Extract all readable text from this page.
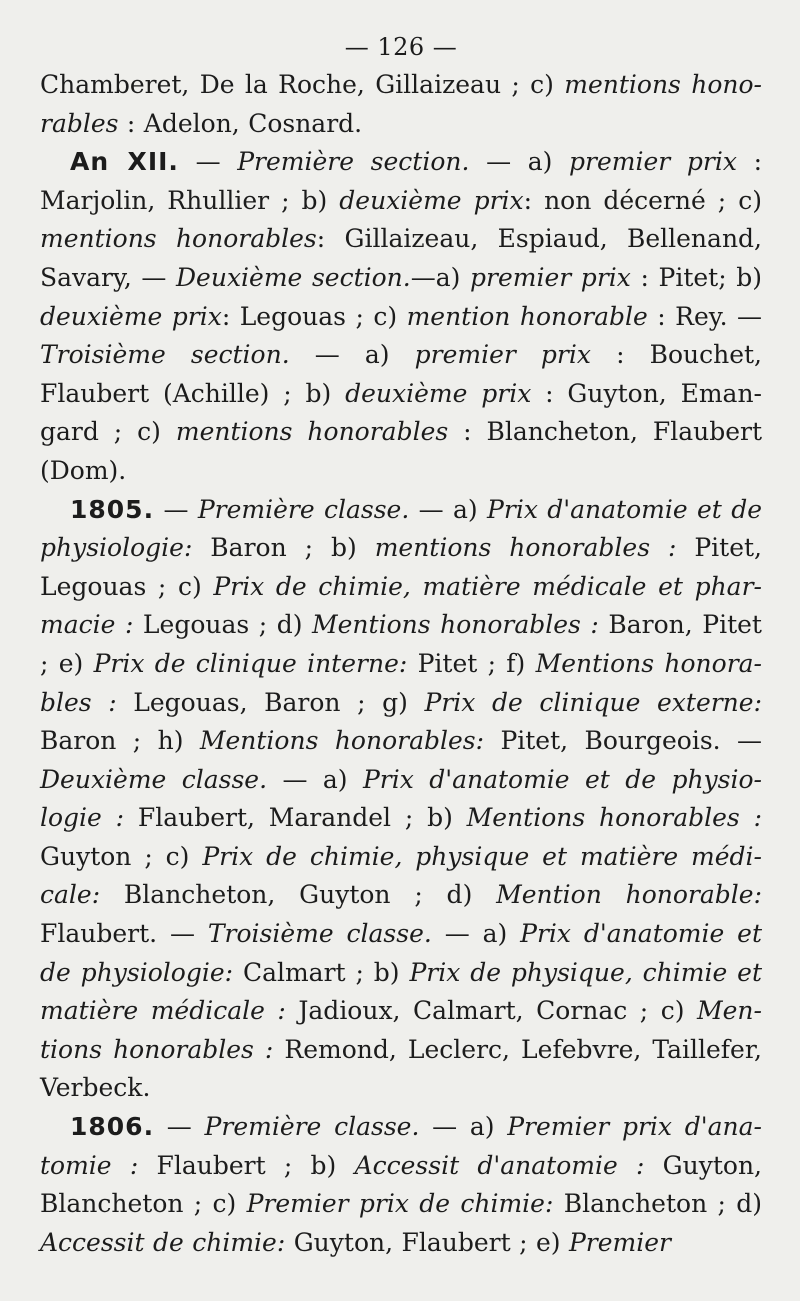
— 126 —

Chamberet, De la Roche, Gillaizeau ; c) mentions hono-rables : Adelon, Cosnard.

An XII. — Première section. — a) premier prix : Marjolin, Rhullier ; b) deuxième prix: non décerné ; c) mentions honorables: Gillaizeau, Espiaud, Bellenand, Savary, — Deuxième section.—a) premier prix : Pitet; b) deuxième prix: Legouas ; c) mention honorable : Rey. — Troisième section. — a) premier prix : Bouchet, Flaubert (Achille) ; b) deuxième prix : Guyton, Eman-gard ; c) mentions honorables : Blancheton, Flaubert (Dom).

1805. — Première classe. — a) Prix d'anatomie et de physiologie: Baron ; b) mentions honorables : Pitet, Legouas ; c) Prix de chimie, matière médicale et phar-macie : Legouas ; d) Mentions honorables : Baron, Pitet ; e) Prix de clinique interne: Pitet ; f) Mentions honora-bles : Legouas, Baron ; g) Prix de clinique externe: Baron ; h) Mentions honorables: Pitet, Bourgeois. — Deuxième classe. — a) Prix d'anatomie et de physio-logie : Flaubert, Marandel ; b) Mentions honorables : Guyton ; c) Prix de chimie, physique et matière médi-cale: Blancheton, Guyton ; d) Mention honorable: Flaubert. — Troisième classe. — a) Prix d'anatomie et de physiologie: Calmart ; b) Prix de physique, chimie et matière médicale : Jadioux, Calmart, Cornac ; c) Men-tions honorables : Remond, Leclerc, Lefebvre, Taillefer, Verbeck.

1806. — Première classe. — a) Premier prix d'ana-tomie : Flaubert ; b) Accessit d'anatomie : Guyton, Blancheton ; c) Premier prix de chimie: Blancheton ; d) Accessit de chimie: Guyton, Flaubert ; e) Premier
